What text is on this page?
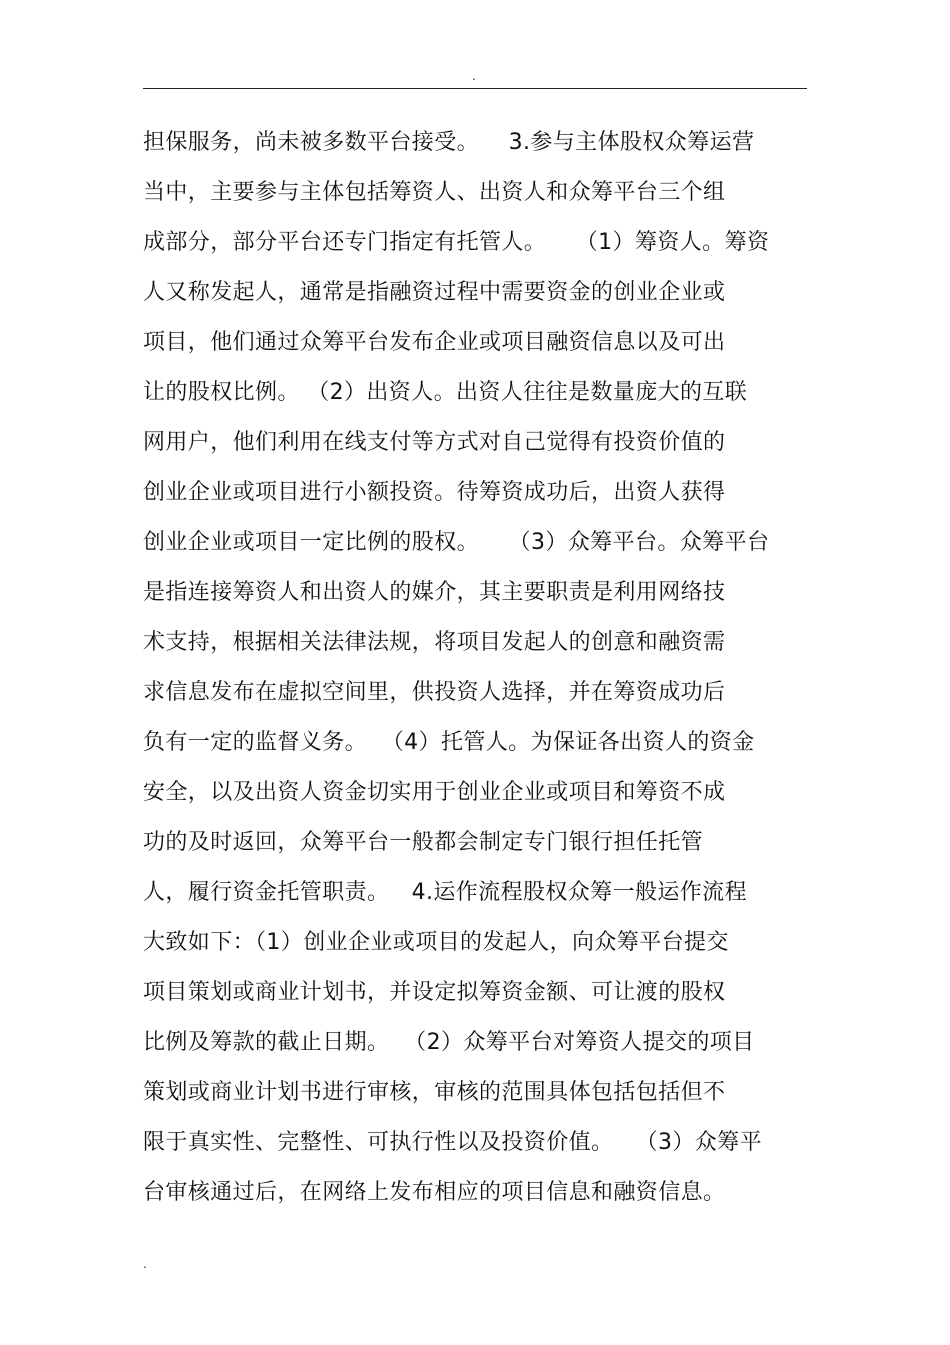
.
担保服务，尚未被多数平台接受。    3.参与主体股权众筹运营
当中，主要参与主体包括筹资人、出资人和众筹平台三个组
成部分，部分平台还专门指定有托管人。    （1）筹资人。筹资
人又称发起人，通常是指融资过程中需要资金的创业企业或
项目，他们通过众筹平台发布企业或项目融资信息以及可出
让的股权比例。 （2）出资人。出资人往往是数量庞大的互联
网用户，他们利用在线支付等方式对自己觉得有投资价值的
创业企业或项目进行小额投资。待筹资成功后，出资人获得
创业企业或项目一定比例的股权。    （3）众筹平台。众筹平台
是指连接筹资人和出资人的媒介，其主要职责是利用网络技
术支持，根据相关法律法规，将项目发起人的创意和融资需
求信息发布在虚拟空间里，供投资人选择，并在筹资成功后
负有一定的监督义务。  （4）托管人。为保证各出资人的资金
安全，以及出资人资金切实用于创业企业或项目和筹资不成
功的及时返回，众筹平台一般都会制定专门银行担任托管
人，履行资金托管职责。   4.运作流程股权众筹一般运作流程
大致如下：（1）创业企业或项目的发起人，向众筹平台提交
项目策划或商业计划书，并设定拟筹资金额、可让渡的股权
比例及筹款的截止日期。  （2）众筹平台对筹资人提交的项目
策划或商业计划书进行审核，审核的范围具体包括包括但不
限于真实性、完整性、可执行性以及投资价值。   （3）众筹平
台审核通过后，在网络上发布相应的项目信息和融资信息。
.
